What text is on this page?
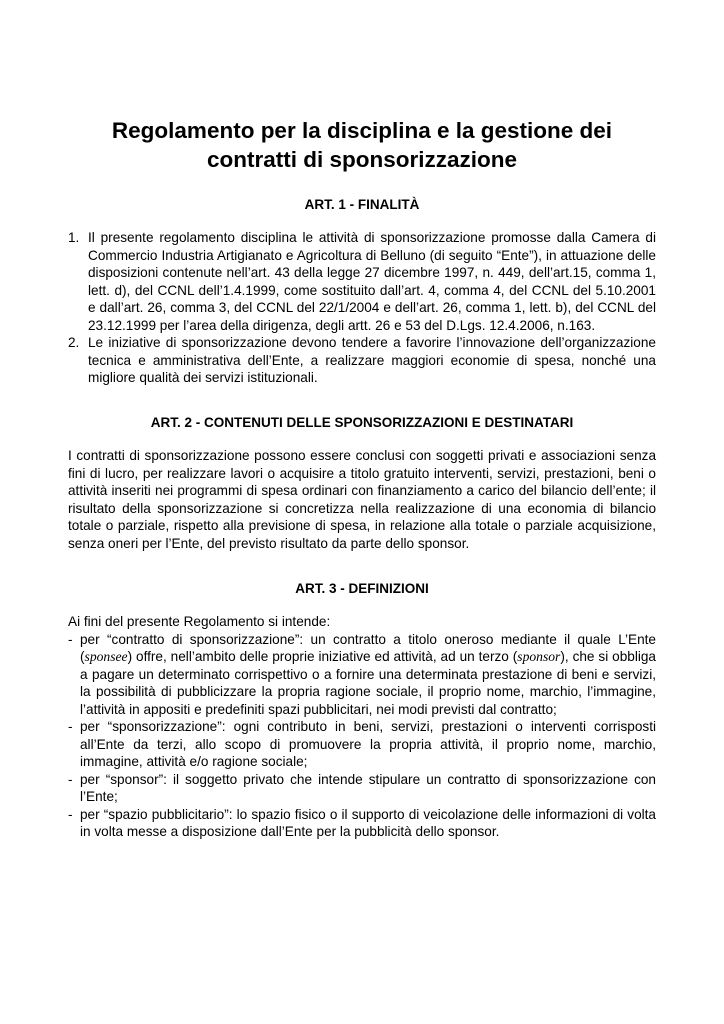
Regolamento per la disciplina e la gestione dei
contratti di sponsorizzazione
ART. 1 - FINALITÀ
1. Il presente regolamento disciplina le attività di sponsorizzazione promosse dalla Camera di Commercio Industria Artigianato e Agricoltura di Belluno (di seguito “Ente”), in attuazione delle disposizioni contenute nell’art. 43 della legge 27 dicembre 1997, n. 449, dell’art.15, comma 1, lett. d), del CCNL dell’1.4.1999, come sostituito dall’art. 4, comma 4, del CCNL del 5.10.2001 e dall’art. 26, comma 3, del CCNL del 22/1/2004 e dell’art. 26, comma 1, lett. b), del CCNL del 23.12.1999 per l’area della dirigenza, degli artt. 26 e 53 del D.Lgs. 12.4.2006, n.163.

2. Le iniziative di sponsorizzazione devono tendere a favorire l’innovazione dell’organizzazione tecnica e amministrativa dell’Ente, a realizzare maggiori economie di spesa, nonché una migliore qualità dei servizi istituzionali.

ART. 2 - CONTENUTI DELLE SPONSORIZZAZIONI E DESTINATARI

I contratti di sponsorizzazione possono essere conclusi con soggetti privati e associazioni senza fini di lucro, per realizzare lavori o acquisire a titolo gratuito interventi, servizi, prestazioni, beni o attività inseriti nei programmi di spesa ordinari con finanziamento a carico del bilancio dell’ente; il risultato della sponsorizzazione si concretizza nella realizzazione di una economia di bilancio totale o parziale, rispetto alla previsione di spesa, in relazione alla totale o parziale acquisizione, senza oneri per l’Ente, del previsto risultato da parte dello sponsor.

ART. 3 - DEFINIZIONI

Ai fini del presente Regolamento si intende:

- per “contratto di sponsorizzazione”: un contratto a titolo oneroso mediante il quale L’Ente (sponsee) offre, nell’ambito delle proprie iniziative ed attività, ad un terzo (sponsor), che si obbliga a pagare un determinato corrispettivo o a fornire una determinata prestazione di beni e servizi, la possibilità di pubblicizzare la propria ragione sociale, il proprio nome, marchio, l’immagine, l’attività in appositi e predefiniti spazi pubblicitari, nei modi previsti dal contratto;

- per “sponsorizzazione”: ogni contributo in beni, servizi, prestazioni o interventi corrisposti all’Ente da terzi, allo scopo di promuovere la propria attività, il proprio nome, marchio, immagine, attività e/o ragione sociale;

- per “sponsor”: il soggetto privato che intende stipulare un contratto di sponsorizzazione con l’Ente;

- per “spazio pubblicitario”: lo spazio fisico o il supporto di veicolazione delle informazioni di volta in volta messe a disposizione dall’Ente per la pubblicità dello sponsor.
